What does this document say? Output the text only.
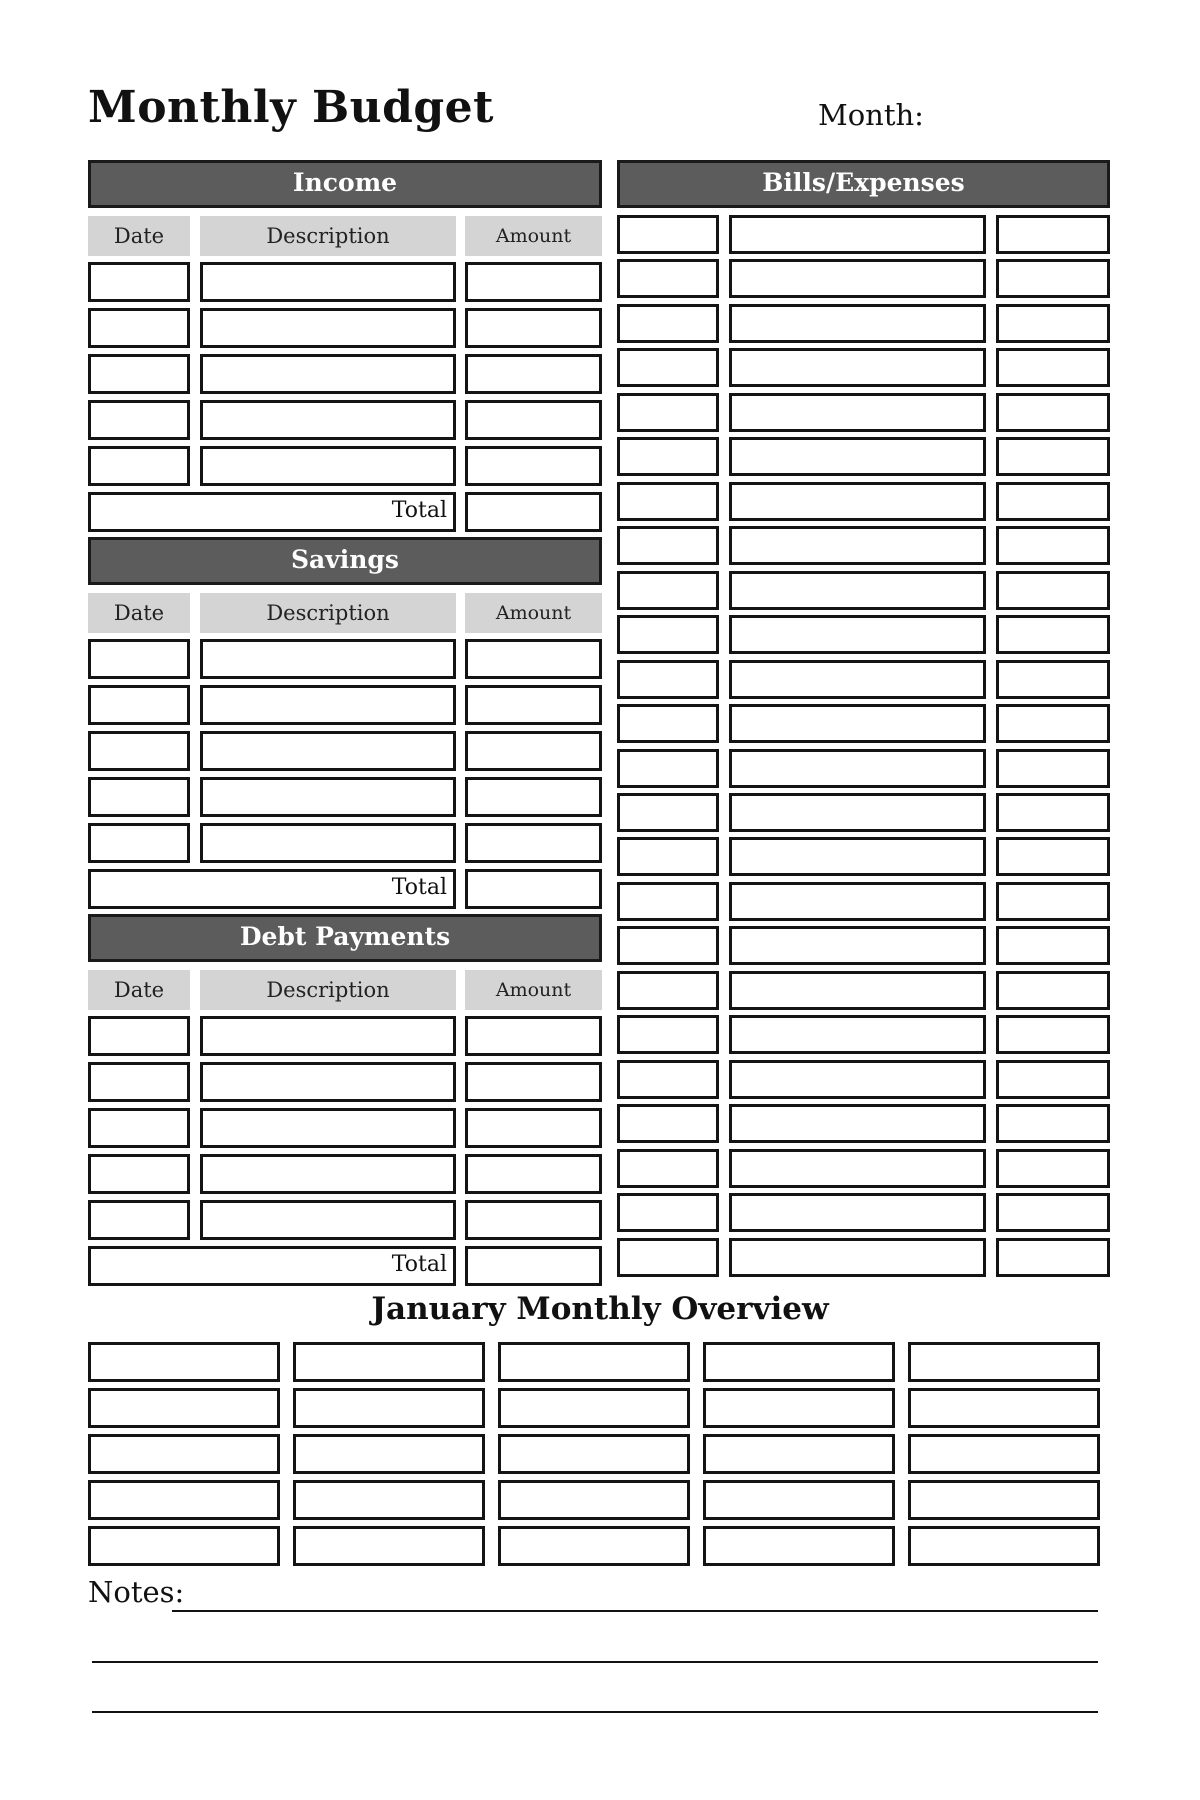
Monthly Budget	Month:
Income
Date	Description	Amount
Total
Savings
Date	Description	Amount
Total
Debt Payments
Date	Description	Amount
Total
Bills/Expenses
January Monthly Overview
Notes:
